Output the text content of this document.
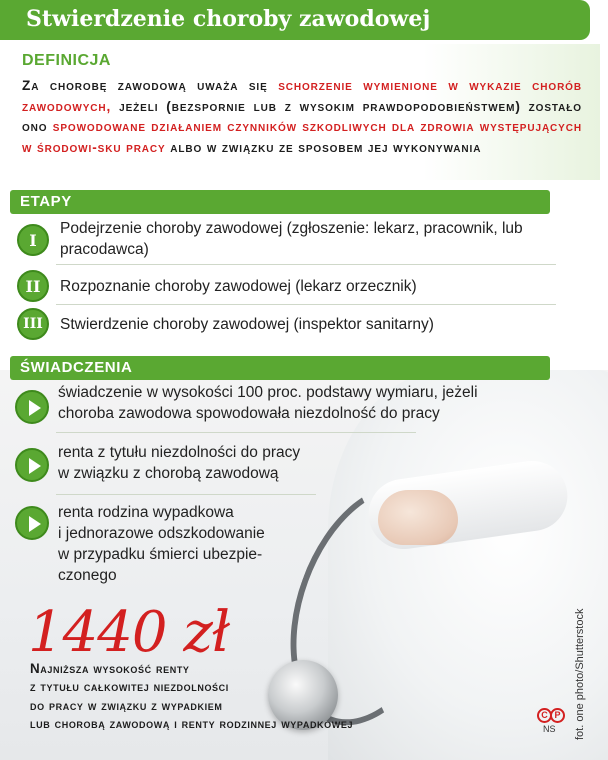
Stwierdzenie choroby zawodowej
DEFINICJA
Za chorobę zawodową uważa się schorzenie wymienione w wykazie chorób zawodowych, jeżeli (bezspornie lub z wysokim prawdopodobieństwem) zostało ono spowodowane działaniem czynników szkodliwych dla zdrowia występujących w środowi-sku pracy albo w związku ze sposobem jej wykonywania
ETAPY
I
Podejrzenie choroby zawodowej (zgłoszenie: lekarz, pracownik, lub pracodawca)
II Rozpoznanie choroby zawodowej (lekarz orzecznik)
III Stwierdzenie choroby zawodowej (inspektor sanitarny)
ŚWIADCZENIA
świadczenie w wysokości 100 proc. podstawy wymiaru, jeżeli
choroba zawodowa spowodowała niezdolność do pracy
renta z tytułu niezdolności do pracy
w związku z chorobą zawodową
renta rodzina wypadkowa
i jednorazowe odszkodowanie
w przypadku śmierci ubezpie-
czonego
1440 zł
Najniższa wysokość renty
z tytułu całkowitej niezdolności
do pracy w związku z wypadkiem
lub chorobą zawodową i renty rodzinnej wypadkowej
C P
NS fot. one photo/Shutterstock
